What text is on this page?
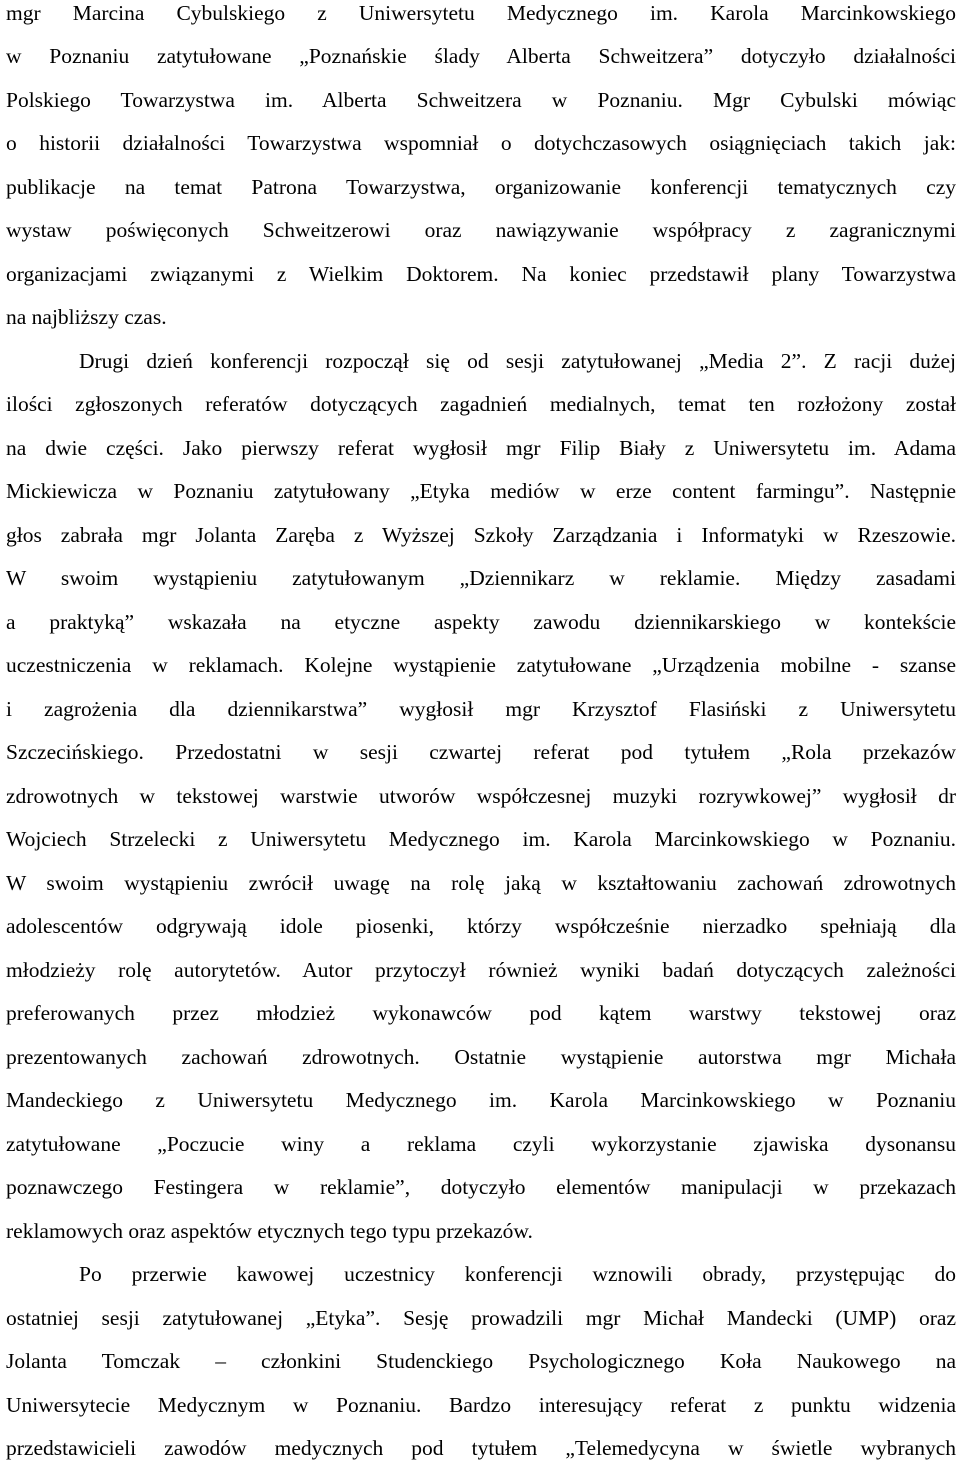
mgr Marcina Cybulskiego z Uniwersytetu Medycznego im. Karola Marcinkowskiego

w Poznaniu zatytułowane „Poznańskie ślady Alberta Schweitzera” dotyczyło działalności

Polskiego Towarzystwa im. Alberta Schweitzera w Poznaniu. Mgr Cybulski mówiąc

o historii działalności Towarzystwa wspomniał o dotychczasowych osiągnięciach takich jak:

publikacje na temat Patrona Towarzystwa, organizowanie konferencji tematycznych czy

wystaw poświęconych Schweitzerowi oraz nawiązywanie współpracy z zagranicznymi

organizacjami związanymi z Wielkim Doktorem. Na koniec przedstawił plany Towarzystwa

na najbliższy czas.

Drugi dzień konferencji rozpoczął się od sesji zatytułowanej „Media 2”. Z racji dużej

ilości zgłoszonych referatów dotyczących zagadnień medialnych, temat ten rozłożony został

na dwie części. Jako pierwszy referat wygłosił mgr Filip Biały z Uniwersytetu im. Adama

Mickiewicza w Poznaniu zatytułowany „Etyka mediów w erze content farmingu”. Następnie

głos zabrała mgr Jolanta Zaręba z Wyższej Szkoły Zarządzania i Informatyki w Rzeszowie.

W swoim wystąpieniu zatytułowanym „Dziennikarz w reklamie. Między zasadami

a praktyką” wskazała na etyczne aspekty zawodu dziennikarskiego w kontekście

uczestniczenia w reklamach. Kolejne wystąpienie zatytułowane „Urządzenia mobilne - szanse

i zagrożenia dla dziennikarstwa” wygłosił mgr Krzysztof Flasiński z Uniwersytetu

Szczecińskiego. Przedostatni w sesji czwartej referat pod tytułem „Rola przekazów

zdrowotnych w tekstowej warstwie utworów współczesnej muzyki rozrywkowej” wygłosił dr

Wojciech Strzelecki z Uniwersytetu Medycznego im. Karola Marcinkowskiego w Poznaniu.

W swoim wystąpieniu zwrócił uwagę na rolę jaką w kształtowaniu zachowań zdrowotnych

adolescentów odgrywają idole piosenki, którzy współcześnie nierzadko spełniają dla

młodzieży rolę autorytetów. Autor przytoczył również wyniki badań dotyczących zależności

preferowanych przez młodzież wykonawców pod kątem warstwy tekstowej oraz

prezentowanych zachowań zdrowotnych. Ostatnie wystąpienie autorstwa mgr Michała

Mandeckiego z Uniwersytetu Medycznego im. Karola Marcinkowskiego w Poznaniu

zatytułowane „Poczucie winy a reklama czyli wykorzystanie zjawiska dysonansu

poznawczego Festingera w reklamie”, dotyczyło elementów manipulacji w przekazach

reklamowych oraz aspektów etycznych tego typu przekazów.

Po przerwie kawowej uczestnicy konferencji wznowili obrady, przystępując do

ostatniej sesji zatytułowanej „Etyka”. Sesję prowadzili mgr Michał Mandecki (UMP) oraz

Jolanta Tomczak – członkini Studenckiego Psychologicznego Koła Naukowego na

Uniwersytecie Medycznym w Poznaniu. Bardzo interesujący referat z punktu widzenia

przedstawicieli zawodów medycznych pod tytułem „Telemedycyna w świetle wybranych
